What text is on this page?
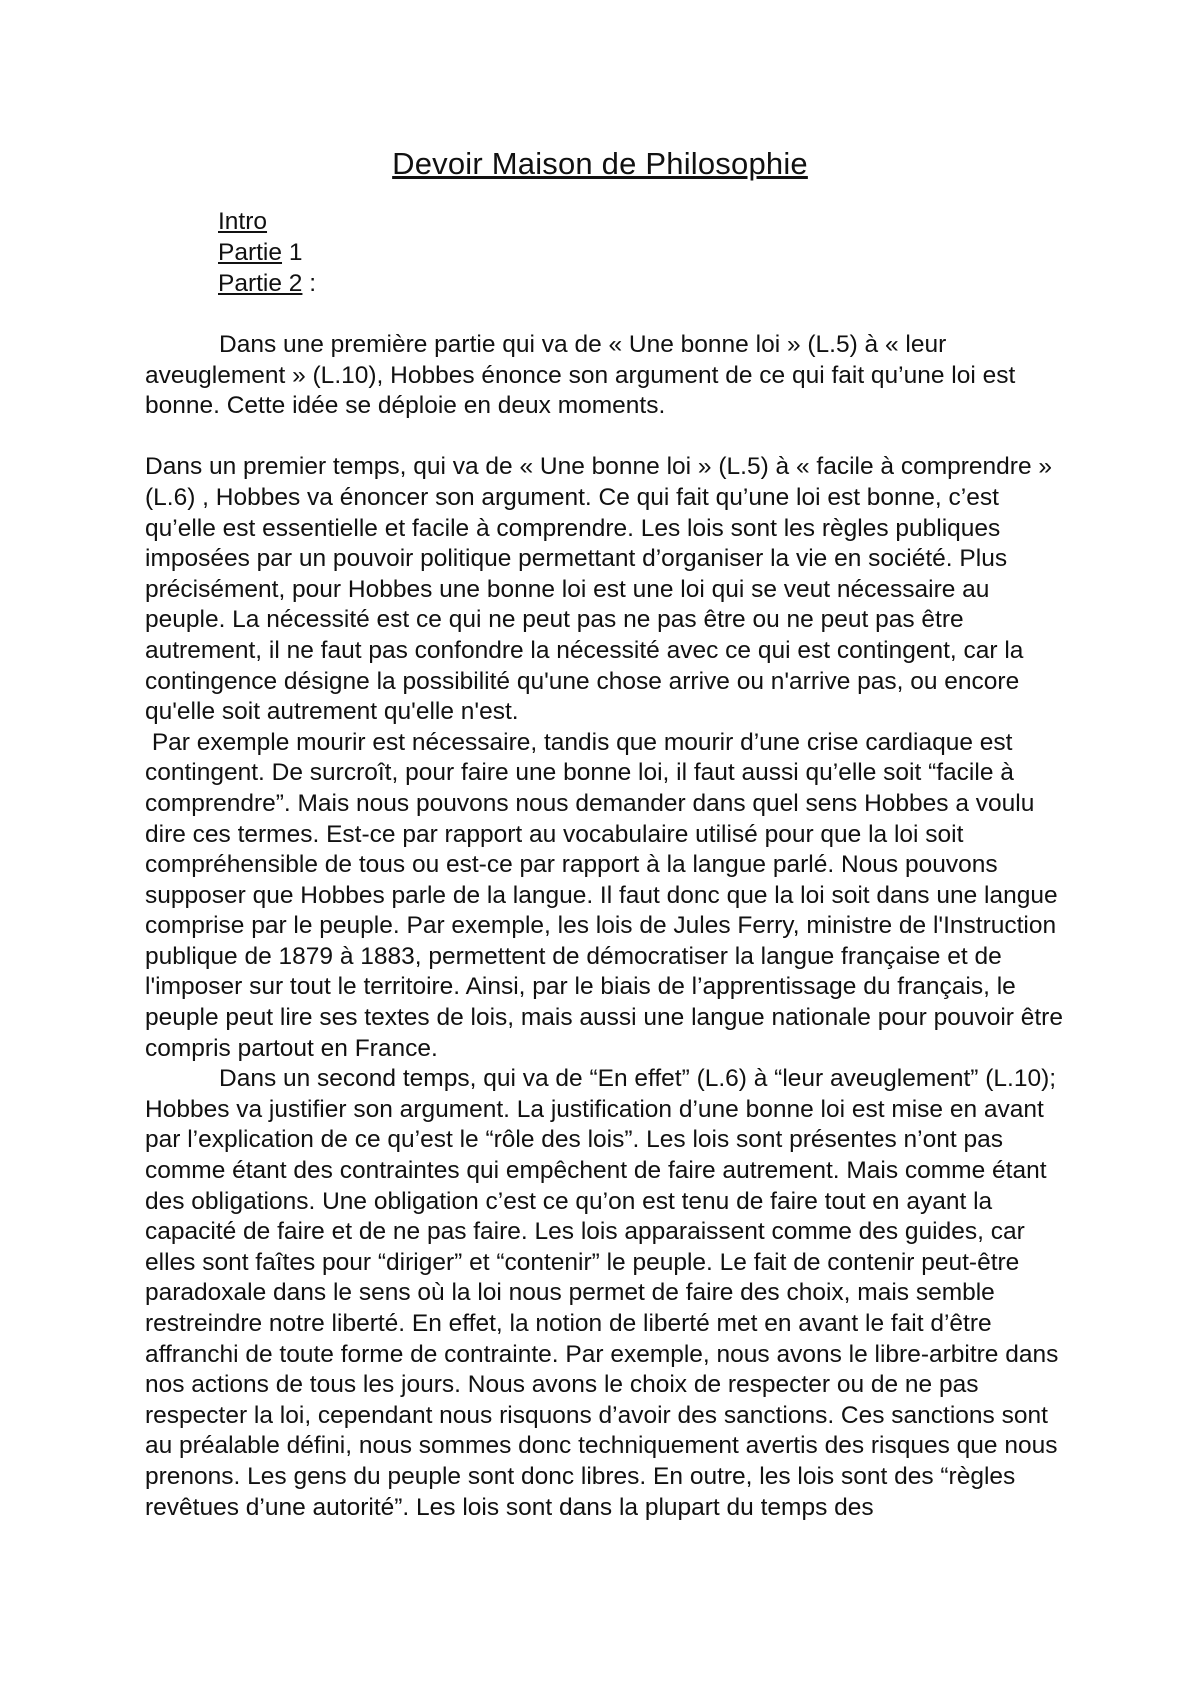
Devoir Maison de Philosophie
Intro
Partie 1
Partie 2 :

Dans une première partie qui va de « Une bonne loi » (L.5) à « leur aveuglement » (L.10), Hobbes énonce son argument de ce qui fait qu’une loi est bonne. Cette idée se déploie en deux moments.

Dans un premier temps, qui va de « Une bonne loi » (L.5) à « facile à comprendre » (L.6) , Hobbes va énoncer son argument. Ce qui fait qu’une loi est bonne, c’est qu’elle est essentielle et facile à comprendre. Les lois sont les règles publiques imposées par un pouvoir politique permettant d’organiser la vie en société. Plus précisément, pour Hobbes une bonne loi est une loi qui se veut nécessaire au peuple. La nécessité est ce qui ne peut pas ne pas être ou ne peut pas être autrement, il ne faut pas confondre la nécessité avec ce qui est contingent, car la contingence désigne la possibilité qu'une chose arrive ou n'arrive pas, ou encore qu'elle soit autrement qu'elle n'est.

Par exemple mourir est nécessaire, tandis que mourir d’une crise cardiaque est contingent. De surcroît, pour faire une bonne loi, il faut aussi qu’elle soit “facile à comprendre”. Mais nous pouvons nous demander dans quel sens Hobbes a voulu dire ces termes. Est-ce par rapport au vocabulaire utilisé pour que la loi soit compréhensible de tous ou est-ce par rapport à la langue parlé. Nous pouvons supposer que Hobbes parle de la langue. Il faut donc que la loi soit dans une langue comprise par le peuple. Par exemple, les lois de Jules Ferry, ministre de l'Instruction publique de 1879 à 1883, permettent de démocratiser la langue française et de l'imposer sur tout le territoire. Ainsi, par le biais de l’apprentissage du français, le peuple peut lire ses textes de lois, mais aussi une langue nationale pour pouvoir être compris partout en France.

Dans un second temps, qui va de “En effet” (L.6) à “leur aveuglement” (L.10); Hobbes va justifier son argument. La justification d’une bonne loi est mise en avant par l’explication de ce qu’est le “rôle des lois”. Les lois sont présentes n’ont pas comme étant des contraintes qui empêchent de faire autrement. Mais comme étant des obligations. Une obligation c’est ce qu’on est tenu de faire tout en ayant la capacité de faire et de ne pas faire. Les lois apparaissent comme des guides, car elles sont faîtes pour “diriger” et “contenir” le peuple. Le fait de contenir peut-être paradoxale dans le sens où la loi nous permet de faire des choix, mais semble restreindre notre liberté. En effet, la notion de liberté met en avant le fait d’être affranchi de toute forme de contrainte. Par exemple, nous avons le libre-arbitre dans nos actions de tous les jours. Nous avons le choix de respecter ou de ne pas respecter la loi, cependant nous risquons d’avoir des sanctions. Ces sanctions sont au préalable défini, nous sommes donc techniquement avertis des risques que nous prenons. Les gens du peuple sont donc libres. En outre, les lois sont des “règles revêtues d’une autorité”. Les lois sont dans la plupart du temps des
